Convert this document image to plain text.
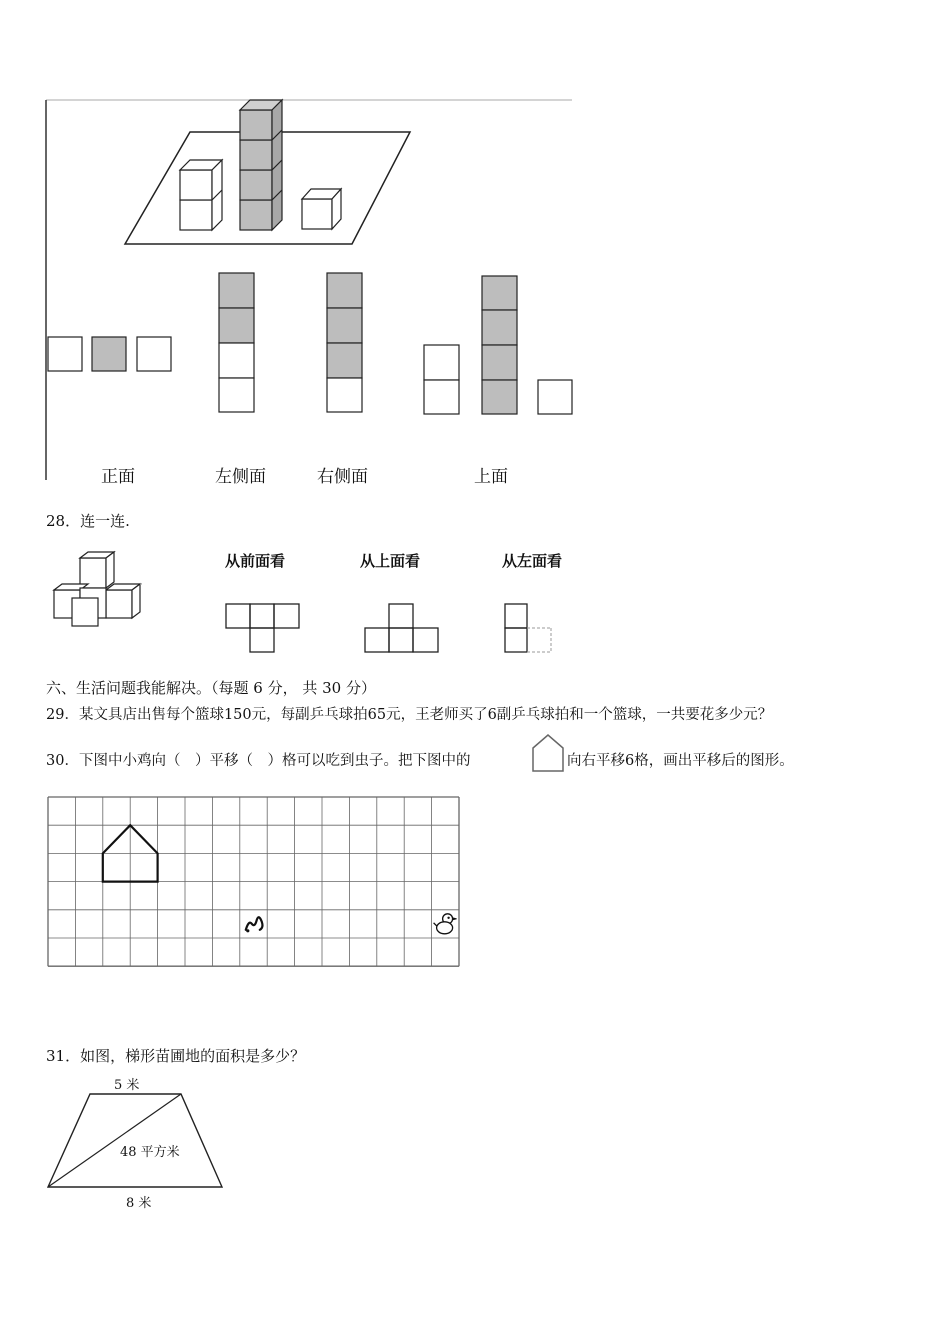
正面	左侧面	右侧面	上面
28．连一连.
从前面看	从上面看	从左面看
六、生活问题我能解决。（每题 6 分， 共 30 分）
29．某文具店出售每个篮球150元，每副乒乓球拍65元，王老师买了6副乒乓球拍和一个篮球，一共要花多少元？
30．下图中小鸡向（　）平移（　）格可以吃到虫子。把下图中的	向右平移6格，画出平移后的图形。
31．如图，梯形苗圃地的面积是多少？
5 米
48 平方米
8 米
